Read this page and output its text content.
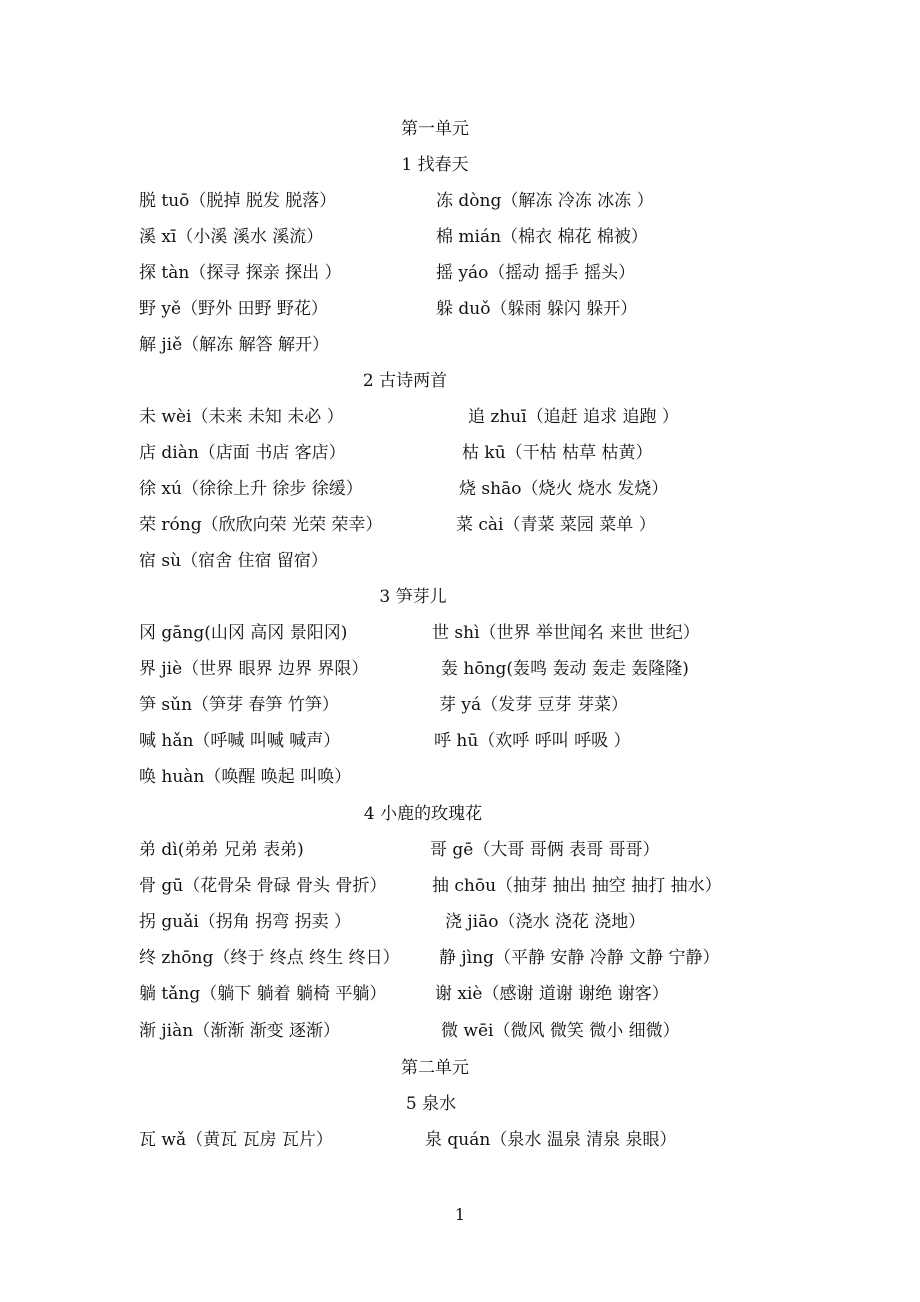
第一单元
1 找春天
脱 tuō（脱掉 脱发 脱落）	冻 dòng（解冻 冷冻 冰冻 ）
溪 xī（小溪 溪水 溪流）	棉 mián（棉衣 棉花 棉被）
探 tàn（探寻 探亲 探出 ）	摇 yáo（摇动 摇手 摇头）
野 yě（野外 田野 野花）	躲 duǒ（躲雨 躲闪 躲开）
解 jiě（解冻 解答 解开）
2 古诗两首
未 wèi（未来 未知 未必 ）	追 zhuī（追赶 追求 追跑 ）
店 diàn（店面 书店 客店）	枯 kū（干枯 枯草 枯黄）
徐 xú（徐徐上升 徐步 徐缓）	烧 shāo（烧火 烧水 发烧）
荣 róng（欣欣向荣 光荣 荣幸）	菜 cài（青菜 菜园 菜单 ）
宿 sù（宿舍 住宿 留宿）
3 笋芽儿
冈 gāng(山冈 高冈 景阳冈)	世 shì（世界 举世闻名 来世 世纪）
界 jiè（世界 眼界 边界 界限）	轰 hōng(轰鸣 轰动 轰走 轰隆隆)
笋 sǔn（笋芽 春笋 竹笋）	芽 yá（发芽 豆芽 芽菜）
喊 hǎn（呼喊 叫喊 喊声）	呼 hū（欢呼 呼叫 呼吸 ）
唤 huàn（唤醒 唤起 叫唤）
4 小鹿的玫瑰花
弟 dì(弟弟 兄弟 表弟)	哥 gē（大哥 哥俩 表哥 哥哥）
骨 gū（花骨朵 骨碌 骨头 骨折）	抽 chōu（抽芽 抽出 抽空 抽打 抽水）
拐 guǎi（拐角 拐弯 拐卖 ）	浇 jiāo（浇水 浇花 浇地）
终 zhōng（终于 终点 终生 终日） 静 jìng（平静 安静 冷静 文静 宁静）
躺 tǎng（躺下 躺着 躺椅 平躺）	谢 xiè（感谢 道谢 谢绝 谢客）
渐 jiàn（渐渐 渐变 逐渐）	微 wēi（微风 微笑 微小 细微）
第二单元
5 泉水
瓦 wǎ（黄瓦 瓦房 瓦片）	泉 quán（泉水 温泉 清泉 泉眼）
1
